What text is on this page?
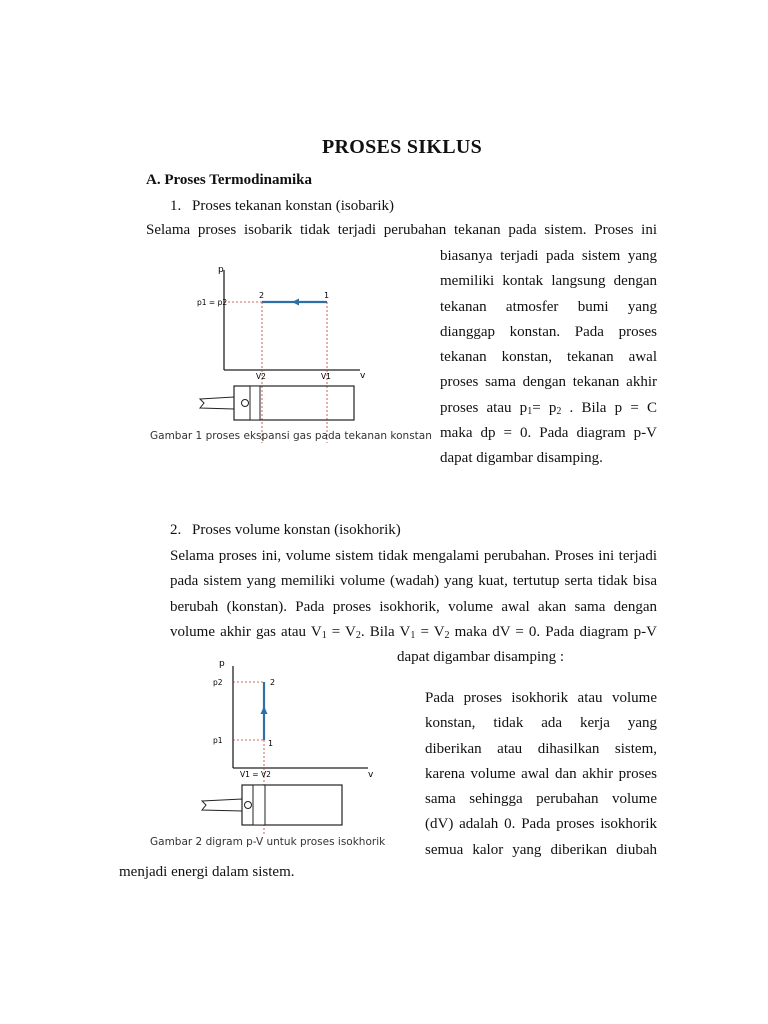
PROSES SIKLUS
A. Proses Termodinamika
1. Proses tekanan konstan (isobarik)
Selama proses isobarik tidak terjadi perubahan tekanan pada sistem. Proses ini
biasanya terjadi pada sistem yang
memiliki kontak langsung dengan
tekanan atmosfer bumi yang
dianggap konstan. Pada proses
tekanan konstan, tekanan awal
proses sama dengan tekanan akhir
proses atau $p_1= p_2$ . Bila p = C
maka dp = 0. Pada diagram p-V
dapat digambar disamping.
p
v
p1 = p2
2	1
V2	V1
Gambar 1 proses ekspansi gas pada tekanan konstan
2. Proses volume konstan (isokhorik)
Selama proses ini, volume sistem tidak mengalami perubahan. Proses ini terjadi
pada sistem yang memiliki volume (wadah) yang kuat, tertutup serta tidak bisa
berubah (konstan). Pada proses isokhorik, volume awal akan sama dengan
volume akhir gas atau $V_1 = V_2$. Bila $V_1 = V_2$ maka dV = 0. Pada diagram p-V
dapat digambar disamping :
Pada proses isokhorik atau volume
konstan, tidak ada kerja yang
diberikan atau dihasilkan sistem,
karena volume awal dan akhir proses
sama sehingga perubahan volume
(dV) adalah 0. Pada proses isokhorik
semua kalor yang diberikan diubah
menjadi energi dalam sistem.
p
v
p2
p1
2
1
V1 = V2
Gambar 2 digram p-V untuk proses isokhorik
